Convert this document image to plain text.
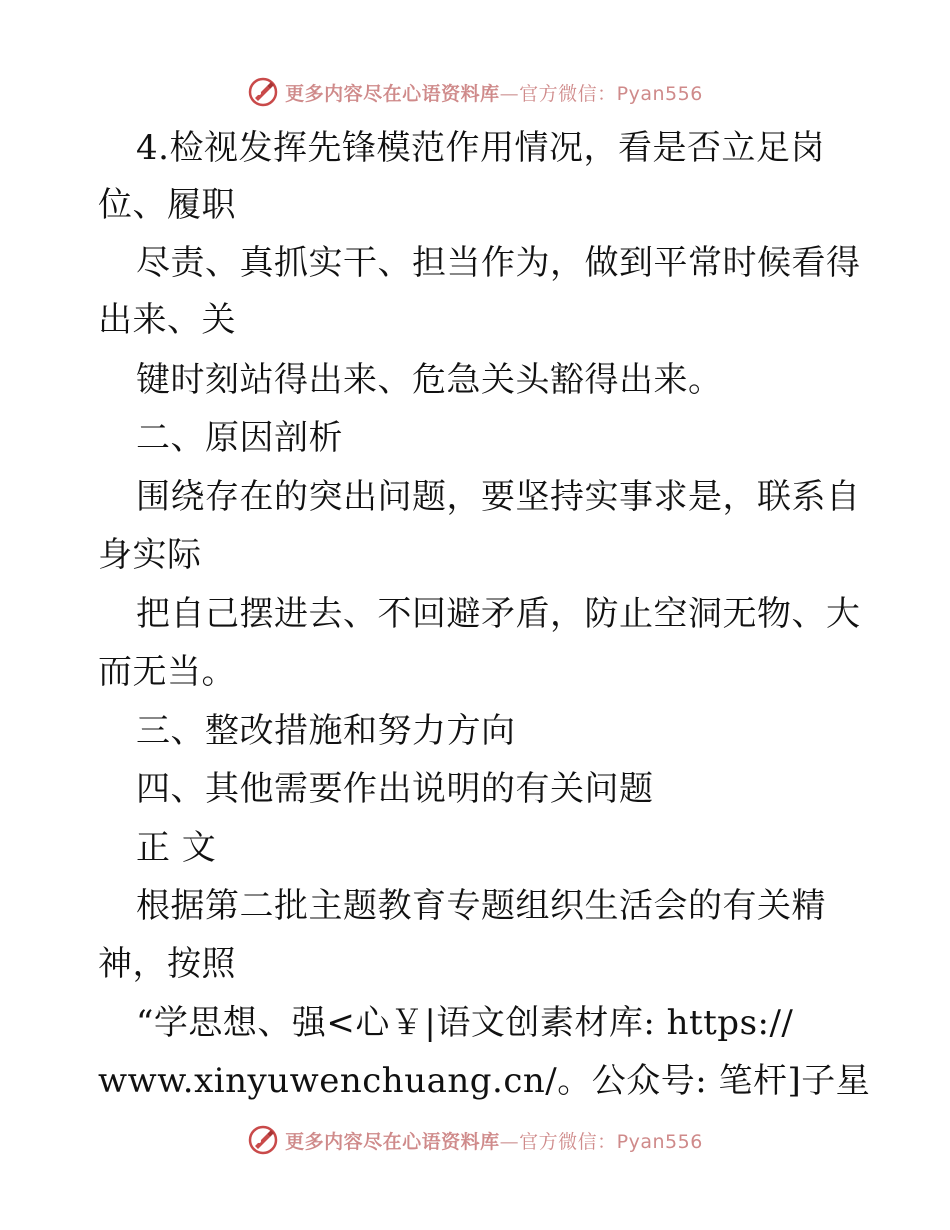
更多内容尽在心语资料库—官方微信：Pyan556
4.检视发挥先锋模范作用情况，看是否立足岗
位、履职
尽责、真抓实干、担当作为，做到平常时候看得
出来、关
键时刻站得出来、危急关头豁得出来。
二、原因剖析
围绕存在的突出问题，要坚持实事求是，联系自
身实际
把自己摆进去、不回避矛盾，防止空洞无物、大
而无当。
三、整改措施和努力方向
四、其他需要作出说明的有关问题
正 文
根据第二批主题教育专题组织生活会的有关精
神，按照
“学思想、强<心￥|语文创素材库: https://
www.xinyuwenchuang.cn/。公众号: 笔杆]子星
更多内容尽在心语资料库—官方微信：Pyan556
